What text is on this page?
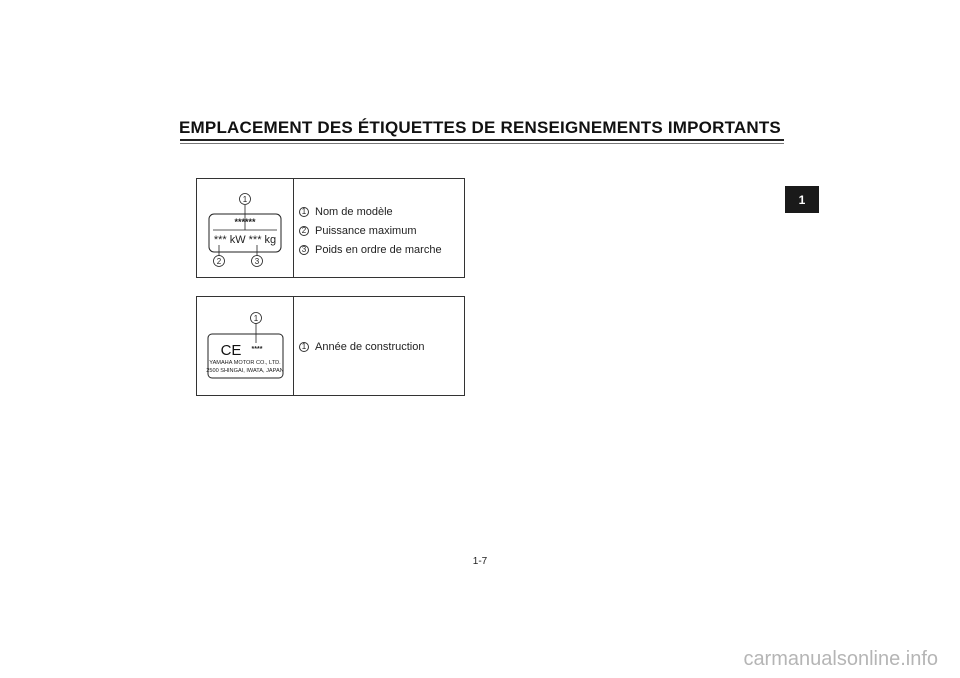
EMPLACEMENT DES ÉTIQUETTES DE RENSEIGNEMENTS IMPORTANTS
1
1
******
*** kW *** kg
2	3
1 Nom de modèle
2 Puissance maximum
3 Poids en ordre de marche
1
CE ****
YAMAHA MOTOR CO., LTD.
2500 SHINGAI, IWATA, JAPAN
1 Année de construction
1-7
carmanualsonline.info
